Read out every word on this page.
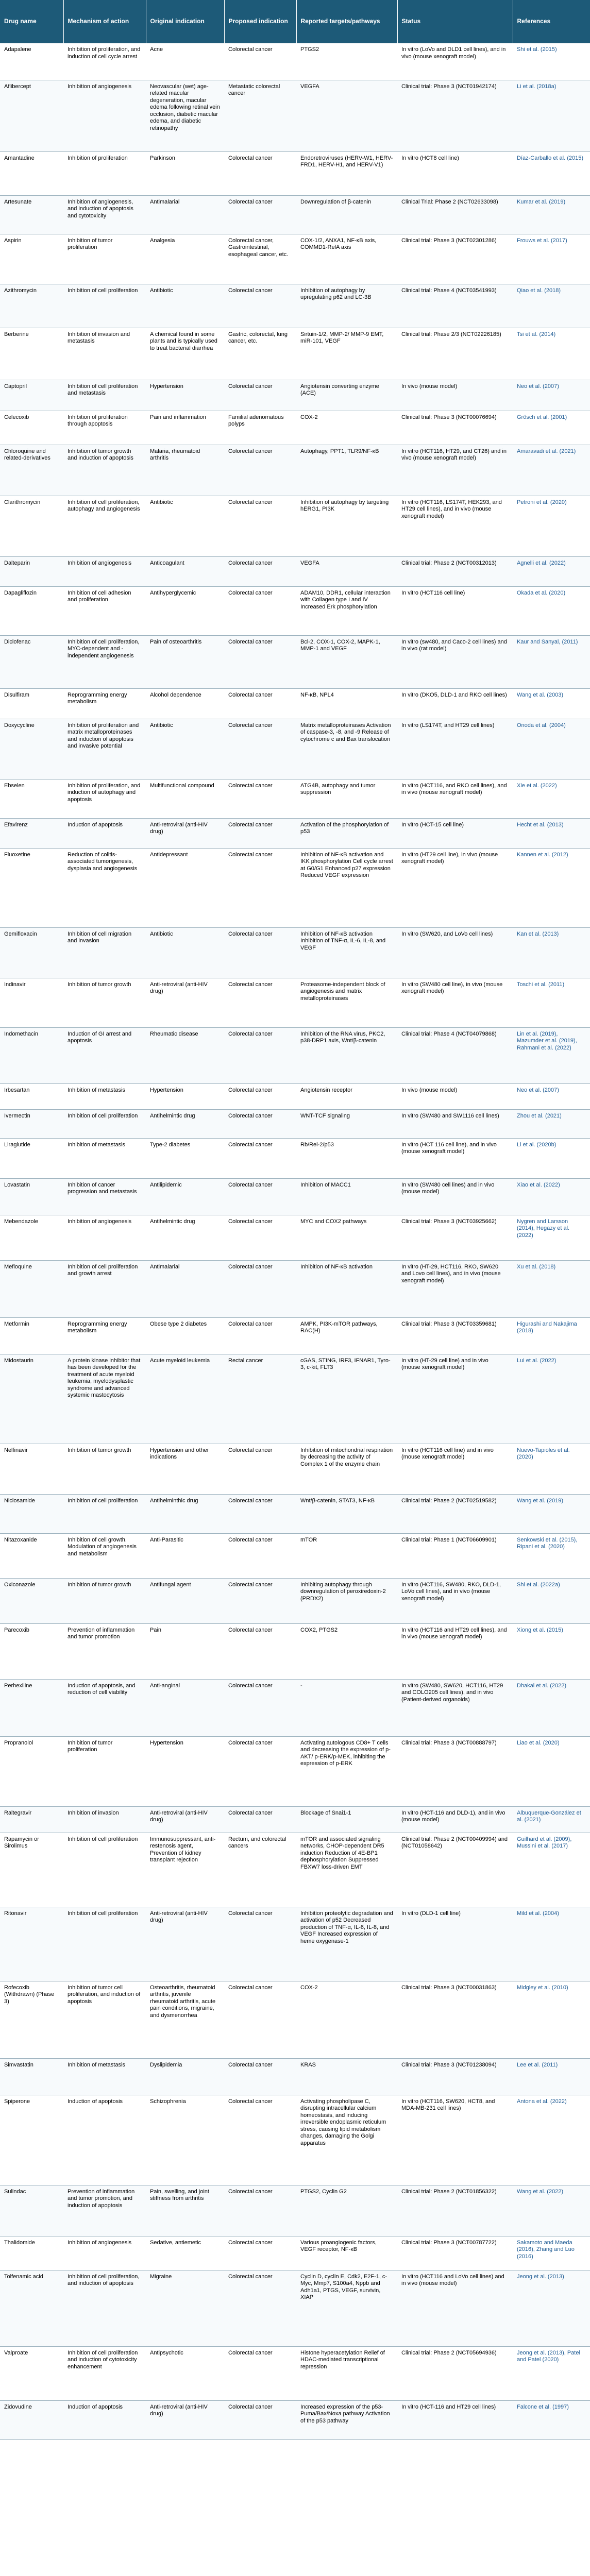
Drug name	Mechanism of action	Original indication	Proposed indication	Reported targets/pathways	Status	References
Adapalene	Inhibition of proliferation, and induction of cell cycle arrest	Acne	Colorectal cancer	PTGS2	In vitro (LoVo and DLD1 cell lines), and in vivo (mouse xenograft model)	Shi et al. (2015)
Aflibercept	Inhibition of angiogenesis	Neovascular (wet) age-related macular degeneration, macular edema following retinal vein occlusion, diabetic macular edema, and diabetic retinopathy	Metastatic colorectal cancer	VEGFA	Clinical trial: Phase 3 (NCT01942174)	Li et al. (2018a)
Amantadine	Inhibition of proliferation	Parkinson	Colorectal cancer	Endoretroviruses (HERV-W1, HERV-FRD1, HERV-H1, and HERV-V1)	In vitro (HCT8 cell line)	Díaz-Carballo et al. (2015)
Artesunate	Inhibition of angiogenesis, and induction of apoptosis and cytotoxicity	Antimalarial	Colorectal cancer	Downregulation of β-catenin	Clinical Trial: Phase 2 (NCT02633098)	Kumar et al. (2019)
Aspirin	Inhibition of tumor proliferation	Analgesia	Colorectal cancer, Gastrointestinal, esophageal cancer, etc.	COX-1/2, ANXA1, NF-κB axis, COMMD1-RelA axis	Clinical trial: Phase 3 (NCT02301286)	Frouws et al. (2017)
Azithromycin	Inhibition of cell proliferation	Antibiotic	Colorectal cancer	Inhibition of autophagy by upregulating p62 and LC-3B	Clinical trial: Phase 4 (NCT03541993)	Qiao et al. (2018)
Berberine	Inhibition of invasion and metastasis	A chemical found in some plants and is typically used to treat bacterial diarrhea	Gastric, colorectal, lung cancer, etc.	Sirtuin-1/2, MMP-2/ MMP-9 EMT, miR-101, VEGF	Clinical trial: Phase 2/3 (NCT02226185)	Tsi et al. (2014)
Captopril	Inhibition of cell proliferation and metastasis	Hypertension	Colorectal cancer	Angiotensin converting enzyme (ACE)	In vivo (mouse model)	Neo et al. (2007)
Celecoxib	Inhibition of proliferation through apoptosis	Pain and inflammation	Familial adenomatous polyps	COX-2	Clinical trial: Phase 3 (NCT00076694)	Grösch et al. (2001)
Chloroquine and related-derivatives	Inhibition of tumor growth and induction of apoptosis	Malaria, rheumatoid arthritis	Colorectal cancer	Autophagy, PPT1, TLR9/NF-κB	In vitro (HCT116, HT29, and CT26) and in vivo (mouse xenograft model)	Amaravadi et al. (2021)
Clarithromycin	Inhibition of cell proliferation, autophagy and angiogenesis	Antibiotic	Colorectal cancer	Inhibition of autophagy by targeting hERG1, PI3K	In vitro (HCT116, LS174T, HEK293, and HT29 cell lines), and in vivo (mouse xenograft model)	Petroni et al. (2020)
Dalteparin	Inhibition of angiogenesis	Anticoagulant	Colorectal cancer	VEGFA	Clinical trial: Phase 2 (NCT00312013)	Agnelli et al. (2022)
Dapagliflozin	Inhibition of cell adhesion and proliferation	Antihyperglycemic	Colorectal cancer	ADAM10, DDR1, cellular interaction with Collagen type I and IV Increased Erk phosphorylation	In vitro (HCT116 cell line)	Okada et al. (2020)
Diclofenac	Inhibition of cell proliferation, MYC-dependent and -independent angiogenesis	Pain of osteoarthritis	Colorectal cancer	Bcl-2, COX-1, COX-2, MAPK-1, MMP-1 and VEGF	In vitro (sw480, and Caco-2 cell lines) and in vivo (rat model)	Kaur and Sanyal, (2011)
Disulfiram	Reprogramming energy metabolism	Alcohol dependence	Colorectal cancer	NF-κB, NPL4	In vitro (DKO5, DLD-1 and RKO cell lines)	Wang et al. (2003)
Doxycycline	Inhibition of proliferation and matrix metalloproteinases and induction of apoptosis and invasive potential	Antibiotic	Colorectal cancer	Matrix metalloproteinases Activation of caspase-3, -8, and -9 Release of cytochrome c and Bax translocation	In vitro (LS174T, and HT29 cell lines)	Onoda et al. (2004)
Ebselen	Inhibition of proliferation, and induction of autophagy and apoptosis	Multifunctional compound	Colorectal cancer	ATG4B, autophagy and tumor suppression	In vitro (HCT116, and RKO cell lines), and in vivo (mouse xenograft model)	Xie et al. (2022)
Efavirenz	Induction of apoptosis	Anti-retroviral (anti-HIV drug)	Colorectal cancer	Activation of the phosphorylation of p53	In vitro (HCT-15 cell line)	Hecht et al. (2013)
Fluoxetine	Reduction of colitis-associated tumorigenesis, dysplasia and angiogenesis	Antidepressant	Colorectal cancer	Inhibition of NF-κB activation and IKK phosphorylation Cell cycle arrest at G0/G1 Enhanced p27 expression Reduced VEGF expression	In vitro (HT29 cell line), in vivo (mouse xenograft model)	Kannen et al. (2012)
Gemifloxacin	Inhibition of cell migration and invasion	Antibiotic	Colorectal cancer	Inhibition of NF-κB activation Inhibition of TNF-α, IL-6, IL-8, and VEGF	In vitro (SW620, and LoVo cell lines)	Kan et al. (2013)
Indinavir	Inhibition of tumor growth	Anti-retroviral (anti-HIV drug)	Colorectal cancer	Proteasome-independent block of angiogenesis and matrix metalloproteinases	In vitro (SW480 cell line), in vivo (mouse xenograft model)	Toschi et al. (2011)
Indomethacin	Induction of GI arrest and apoptosis	Rheumatic disease	Colorectal cancer	Inhibition of the RNA virus, PKC2, p38-DRP1 axis, Wnt/β-catenin	Clinical trial: Phase 4 (NCT04079868)	Lin et al. (2019), Mazumder et al. (2019), Rahmani et al. (2022)
Irbesartan	Inhibition of metastasis	Hypertension	Colorectal cancer	Angiotensin receptor	In vivo (mouse model)	Neo et al. (2007)
Ivermectin	Inhibition of cell proliferation	Antihelmintic drug	Colorectal cancer	WNT-TCF signaling	In vitro (SW480 and SW1116 cell lines)	Zhou et al. (2021)
Liraglutide	Inhibition of metastasis	Type-2 diabetes	Colorectal cancer	Rb/Rel-2/p53	In vitro (HCT 116 cell line), and in vivo (mouse xenograft model)	Li et al. (2020b)
Lovastatin	Inhibition of cancer progression and metastasis	Antilipidemic	Colorectal cancer	Inhibition of MACC1	In vitro (SW480 cell lines) and in vivo (mouse model)	Xiao et al. (2022)
Mebendazole	Inhibition of angiogenesis	Antihelmintic drug	Colorectal cancer	MYC and COX2 pathways	Clinical trial: Phase 3 (NCT03925662)	Nygren and Larsson (2014), Hegazy et al. (2022)
Mefloquine	Inhibition of cell proliferation and growth arrest	Antimalarial	Colorectal cancer	Inhibition of NF-κB activation	In vitro (HT-29, HCT116, RKO, SW620 and Lovo cell lines), and in vivo (mouse xenograft model)	Xu et al. (2018)
Metformin	Reprogramming energy metabolism	Obese type 2 diabetes	Colorectal cancer	AMPK, PI3K-mTOR pathways, RAC(H)	Clinical trial: Phase 3 (NCT03359681)	Higurashi and Nakajima (2018)
Midostaurin	A protein kinase inhibitor that has been developed for the treatment of acute myeloid leukemia, myelodysplastic syndrome and advanced systemic mastocytosis	Acute myeloid leukemia	Rectal cancer	cGAS, STING, IRF3, IFNAR1, Tyro-3, c-kit, FLT3	In vitro (HT-29 cell line) and in vivo (mouse xenograft model)	Lui et al. (2022)
Nelfinavir	Inhibition of tumor growth	Hypertension and other indications	Colorectal cancer	Inhibition of mitochondrial respiration by decreasing the activity of Complex 1 of the enzyme chain	In vitro (HCT116 cell line) and in vivo (mouse xenograft model)	Nuevo-Tapioles et al. (2020)
Niclosamide	Inhibition of cell proliferation	Antihelminthic drug	Colorectal cancer	Wnt/β-catenin, STAT3, NF-κB	Clinical trial: Phase 2 (NCT02519582)	Wang et al. (2019)
Nitazoxanide	Inhibition of cell growth. Modulation of angiogenesis and metabolism	Anti-Parasitic	Colorectal cancer	mTOR	Clinical trial: Phase 1 (NCT06609901)	Senkowski et al. (2015), Ripani et al. (2020)
Oxiconazole	Inhibition of tumor growth	Antifungal agent	Colorectal cancer	Inhibiting autophagy through downregulation of peroxiredoxin-2 (PRDX2)	In vitro (HCT116, SW480, RKO, DLD-1, LoVo cell lines), and in vivo (mouse xenograft model)	Shi et al. (2022a)
Parecoxib	Prevention of inflammation and tumor promotion	Pain	Colorectal cancer	COX2, PTGS2	In vitro (HCT116 and HT29 cell lines), and in vivo (mouse xenograft model)	Xiong et al. (2015)
Perhexiline	Induction of apoptosis, and reduction of cell viability	Anti-anginal	Colorectal cancer	-	In vitro (SW480, SW620, HCT116, HT29 and COLO205 cell lines), and in vivo (Patient-derived organoids)	Dhakal et al. (2022)
Propranolol	Inhibition of tumor proliferation	Hypertension	Colorectal cancer	Activating autologous CD8+ T cells and decreasing the expression of p-AKT/ p-ERK/p-MEK, inhibiting the expression of p-ERK	Clinical trial: Phase 3 (NCT00888797)	Liao et al. (2020)
Raltegravir	Inhibition of invasion	Anti-retroviral (anti-HIV drug)	Colorectal cancer	Blockage of Snai1-1	In vitro (HCT-116 and DLD-1), and in vivo (mouse model)	Albuquerque-González et al. (2021)
Rapamycin or Sirolimus	Inhibition of cell proliferation	Immunosuppressant, anti-restenosis agent, Prevention of kidney transplant rejection	Rectum, and colorectal cancers	mTOR and associated signaling networks, CHOP-dependent DR5 induction Reduction of 4E-BP1 dephosphorylation Suppressed FBXW7 loss-driven EMT	Clinical trial: Phase 2 (NCT00409994) and (NCT01058642)	Guilhard et al. (2009), Mussini et al. (2017)
Ritonavir	Inhibition of cell proliferation	Anti-retroviral (anti-HIV drug)	Colorectal cancer	Inhibition proteolytic degradation and activation of p52 Decreased production of TNF-α, IL-6, IL-8, and VEGF Increased expression of heme oxygenase-1	In vitro (DLD-1 cell line)	Mild et al. (2004)
Rofecoxib (Withdrawn) (Phase 3)	Inhibition of tumor cell proliferation, and induction of apoptosis	Osteoarthritis, rheumatoid arthritis, juvenile rheumatoid arthritis, acute pain conditions, migraine, and dysmenorrhea	Colorectal cancer	COX-2	Clinical trial: Phase 3 (NCT00031863)	Midgley et al. (2010)
Simvastatin	Inhibition of metastasis	Dyslipidemia	Colorectal cancer	KRAS	Clinical trial: Phase 3 (NCT01238094)	Lee et al. (2011)
Spiperone	Induction of apoptosis	Schizophrenia	Colorectal cancer	Activating phospholipase C, disrupting intracellular calcium homeostasis, and inducing irreversible endoplasmic reticulum stress, causing lipid metabolism changes, damaging the Golgi apparatus	In vitro (HCT116, SW620, HCT8, and MDA-MB-231 cell lines)	Antona et al. (2022)
Sulindac	Prevention of inflammation and tumor promotion, and induction of apoptosis	Pain, swelling, and joint stiffness from arthritis	Colorectal cancer	PTGS2, Cyclin G2	Clinical trial: Phase 2 (NCT01856322)	Wang et al. (2022)
Thalidomide	Inhibition of angiogenesis	Sedative, antiemetic	Colorectal cancer	Various proangiogenic factors, VEGF receptor, NF-κB	Clinical trial: Phase 3 (NCT00787722)	Sakamoto and Maeda (2016), Zhang and Luo (2016)
Tolfenamic acid	Inhibition of cell proliferation, and induction of apoptosis	Migraine	Colorectal cancer	Cyclin D, cyclin E, Cdk2, E2F-1, c-Myc, Mmp7, S100a4, Nppb and Adh1a1, PTGS, VEGF, survivin, XIAP	In vitro (HCT116 and LoVo cell lines) and in vivo (mouse model)	Jeong et al. (2013)
Valproate	Inhibition of cell proliferation and induction of cytotoxicity enhancement	Antipsychotic	Colorectal cancer	Histone hyperacetylation Relief of HDAC-mediated transcriptional repression	Clinical trial: Phase 2 (NCT05694936)	Jeong et al. (2013), Patel and Patel (2020)
Zidovudine	Induction of apoptosis	Anti-retroviral (anti-HIV drug)	Colorectal cancer	Increased expression of the p53-Puma/Bax/Noxa pathway Activation of the p53 pathway	In vitro (HCT-116 and HT29 cell lines)	Falcone et al. (1997)
